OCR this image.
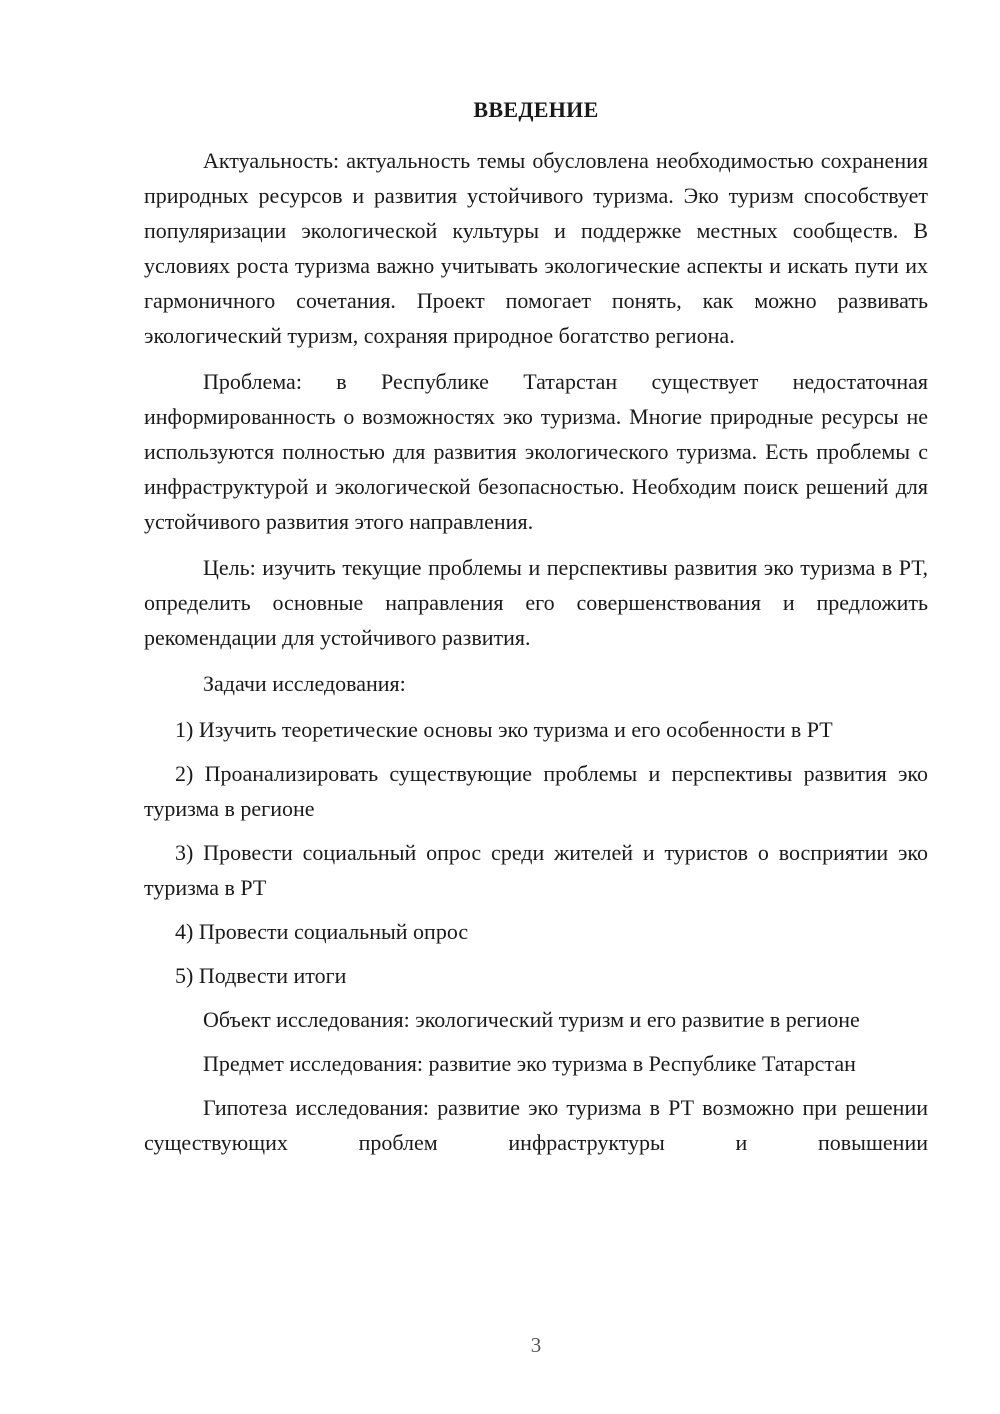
ВВЕДЕНИЕ

Актуальность: актуальность темы обусловлена необходимостью сохранения природных ресурсов и развития устойчивого туризма. Эко туризм способствует популяризации экологической культуры и поддержке местных сообществ. В условиях роста туризма важно учитывать экологические аспекты и искать пути их гармоничного сочетания. Проект помогает понять, как можно развивать экологический туризм, сохраняя природное богатство региона.

Проблема: в Республике Татарстан существует недостаточная информированность о возможностях эко туризма. Многие природные ресурсы не используются полностью для развития экологического туризма. Есть проблемы с инфраструктурой и экологической безопасностью. Необходим поиск решений для устойчивого развития этого направления.

Цель: изучить текущие проблемы и перспективы развития эко туризма в РТ, определить основные направления его совершенствования и предложить рекомендации для устойчивого развития.

Задачи исследования:

1) Изучить теоретические основы эко туризма и его особенности в РТ

2) Проанализировать существующие проблемы и перспективы развития эко туризма в регионе

3) Провести социальный опрос среди жителей и туристов о восприятии эко туризма в РТ

4) Провести социальный опрос

5) Подвести итоги

Объект исследования: экологический туризм и его развитие в регионе

Предмет исследования: развитие эко туризма в Республике Татарстан

Гипотеза исследования: развитие эко туризма в РТ возможно при решении существующих проблем инфраструктуры и повышении

3
